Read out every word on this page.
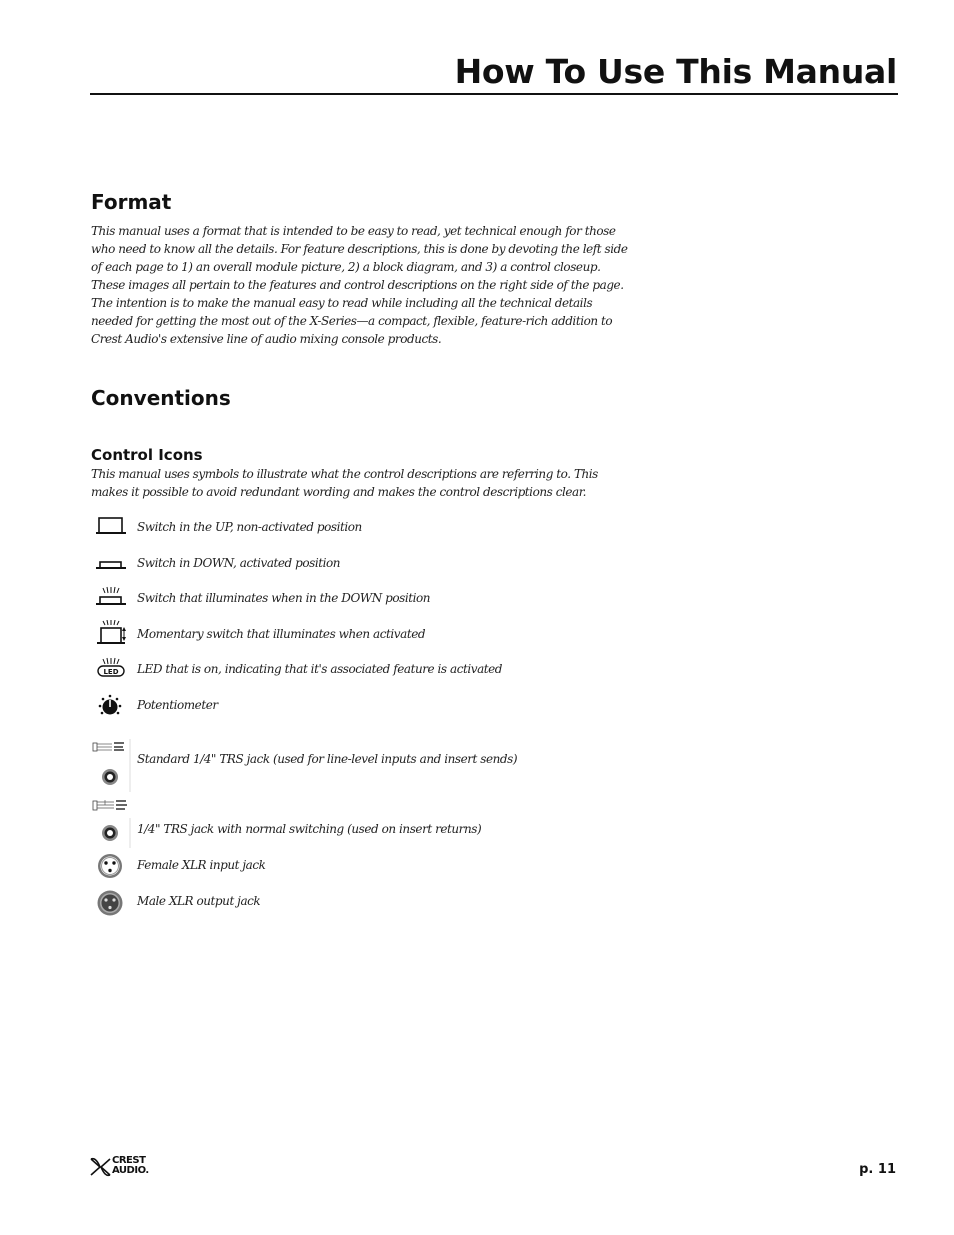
How To Use This Manual
Format

This manual uses a format that is intended to be easy to read, yet technical enough for those
who need to know all the details. For feature descriptions, this is done by devoting the left side
of each page to 1) an overall module picture, 2) a block diagram, and 3) a control closeup.
These images all pertain to the features and control descriptions on the right side of the page.
The intention is to make the manual easy to read while including all the technical details
needed for getting the most out of the X-Series—a compact, flexible, feature-rich addition to
Crest Audio's extensive line of audio mixing console products.

Conventions
Control Icons

This manual uses symbols to illustrate what the control descriptions are referring to. This
makes it possible to avoid redundant wording and makes the control descriptions clear.

Switch in the UP, non-activated position
Switch in DOWN, activated position
Switch that illuminates when in the DOWN position
Momentary switch that illuminates when activated
LED LED that is on, indicating that it's associated feature is activated
Potentiometer
Standard 1/4" TRS jack (used for line-level inputs and insert sends)
1/4" TRS jack with normal switching (used on insert returns)
Female XLR input jack
Male XLR output jack
CREST
AUDIO.	p. 11
